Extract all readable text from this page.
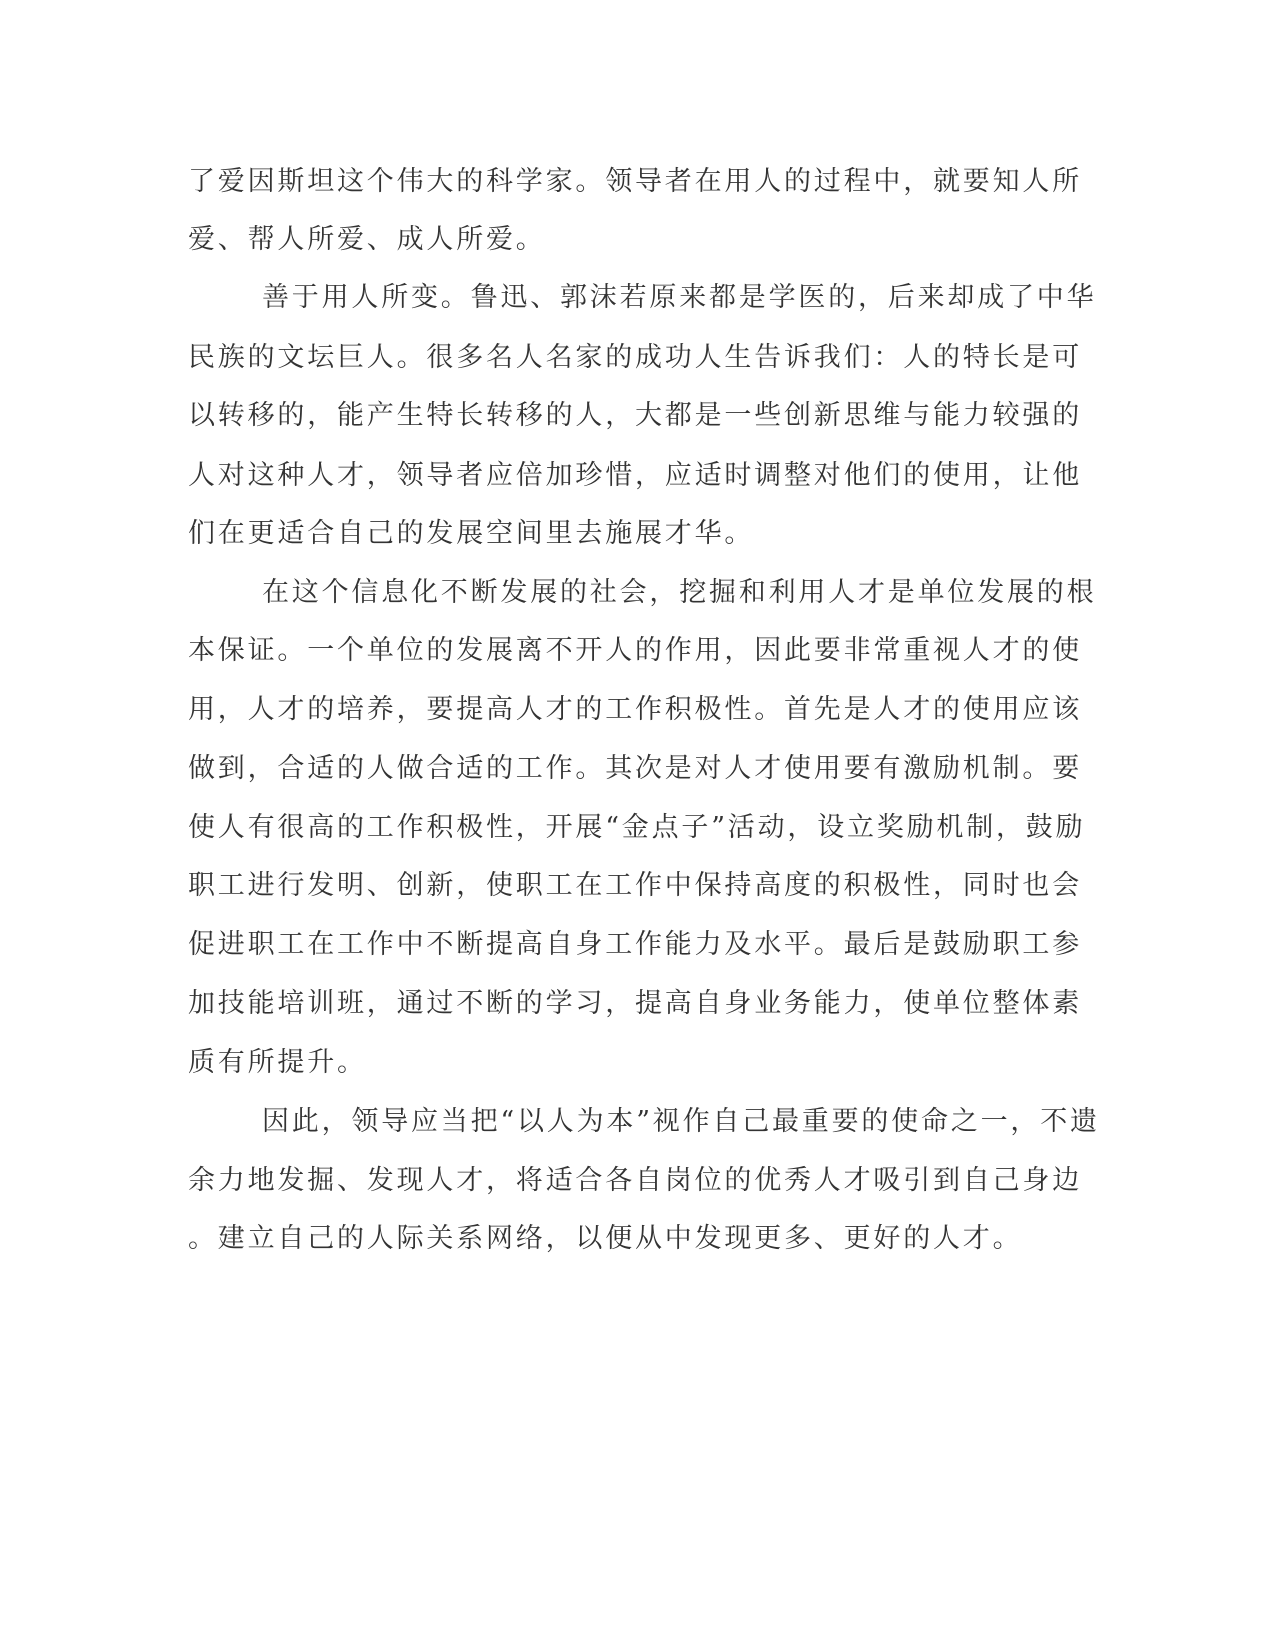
了爱因斯坦这个伟大的科学家。领导者在用人的过程中，就要知人所

爱、帮人所爱、成人所爱。

善于用人所变。鲁迅、郭沫若原来都是学医的，后来却成了中华

民族的文坛巨人。很多名人名家的成功人生告诉我们：人的特长是可

以转移的，能产生特长转移的人，大都是一些创新思维与能力较强的

人对这种人才，领导者应倍加珍惜，应适时调整对他们的使用，让他

们在更适合自己的发展空间里去施展才华。

在这个信息化不断发展的社会，挖掘和利用人才是单位发展的根

本保证。一个单位的发展离不开人的作用，因此要非常重视人才的使

用，人才的培养，要提高人才的工作积极性。首先是人才的使用应该

做到，合适的人做合适的工作。其次是对人才使用要有激励机制。要

使人有很高的工作积极性，开展“金点子”活动，设立奖励机制，鼓励

职工进行发明、创新，使职工在工作中保持高度的积极性，同时也会

促进职工在工作中不断提高自身工作能力及水平。最后是鼓励职工参

加技能培训班，通过不断的学习，提高自身业务能力，使单位整体素

质有所提升。

因此，领导应当把“以人为本”视作自己最重要的使命之一，不遗

余力地发掘、发现人才，将适合各自岗位的优秀人才吸引到自己身边

。建立自己的人际关系网络，以便从中发现更多、更好的人才。
